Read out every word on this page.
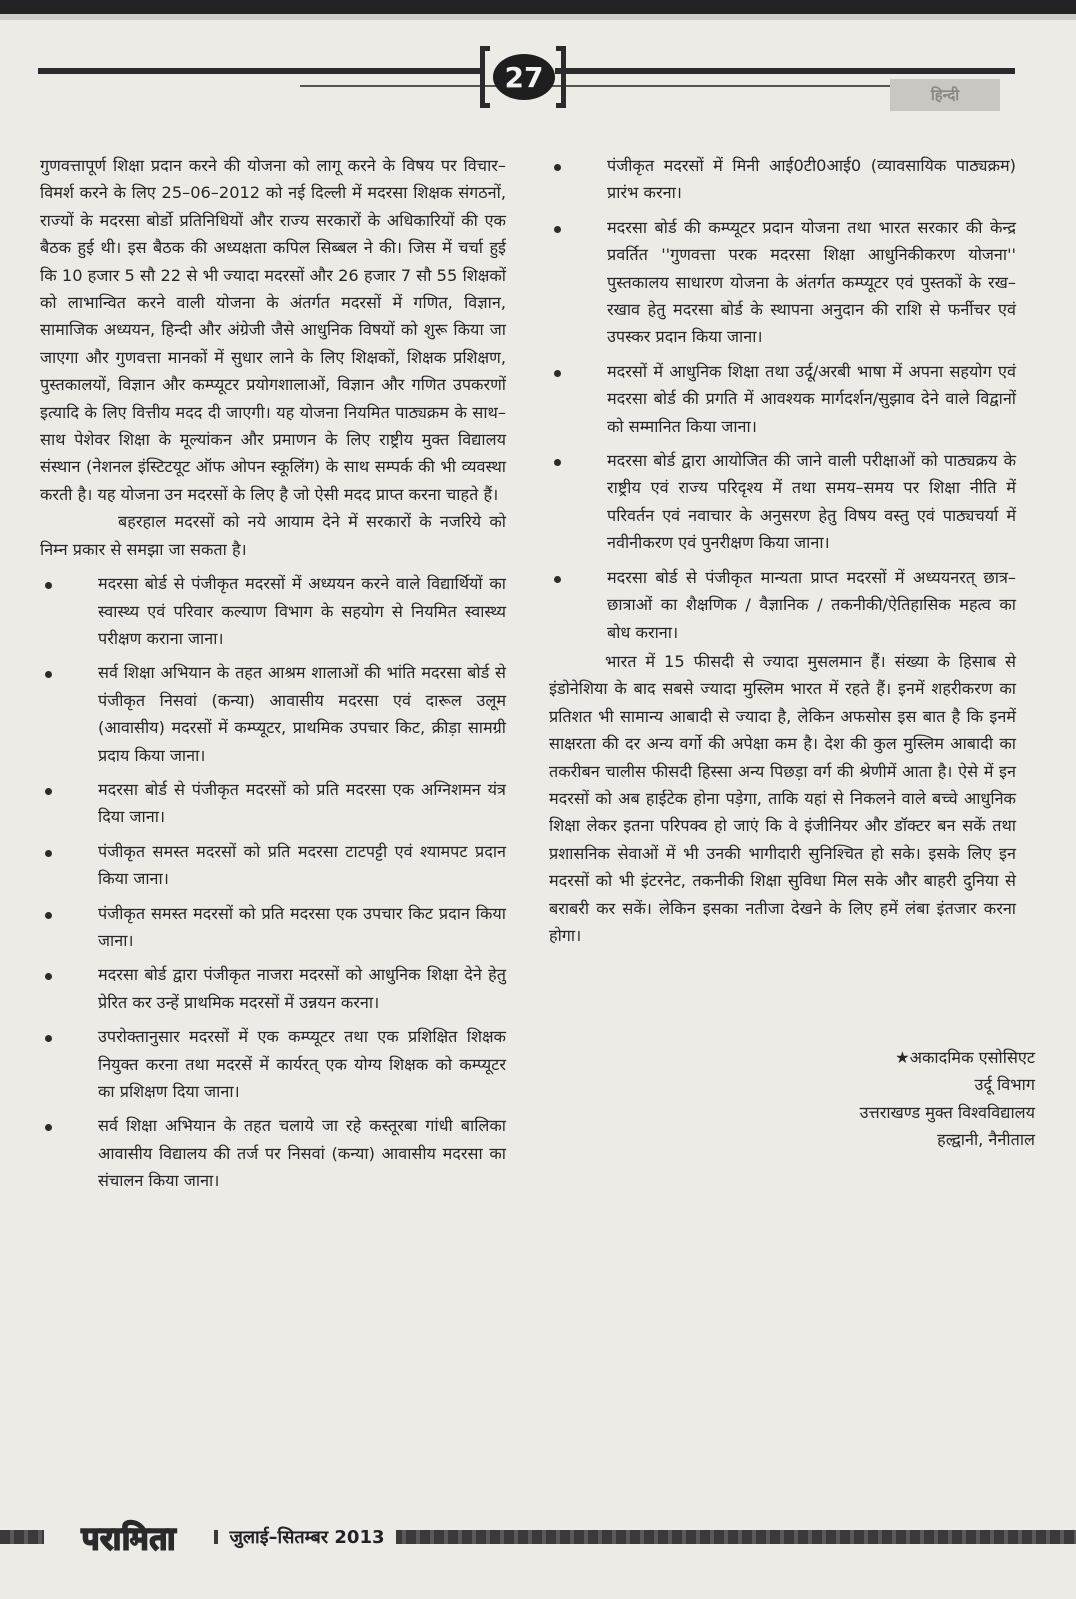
27
हिन्दी

गुणवत्तापूर्ण शिक्षा प्रदान करने की योजना को लागू करने के विषय पर विचार–विमर्श करने के लिए 25–06–2012 को नई दिल्ली में मदरसा शिक्षक संगठनों, राज्यों के मदरसा बोर्डो प्रतिनिधियों और राज्य सरकारों के अधिकारियों की एक बैठक हुई थी। इस बैठक की अध्यक्षता कपिल सिब्बल ने की। जिस में चर्चा हुई कि 10 हजार 5 सौ 22 से भी ज्यादा मदरसों और 26 हजार 7 सौ 55 शिक्षकों को लाभान्वित करने वाली योजना के अंतर्गत मदरसों में गणित, विज्ञान, सामाजिक अध्ययन, हिन्दी और अंग्रेजी जैसे आधुनिक विषयों को शुरू किया जा जाएगा और गुणवत्ता मानकों में सुधार लाने के लिए शिक्षकों, शिक्षक प्रशिक्षण, पुस्तकालयों, विज्ञान और कम्प्यूटर प्रयोगशालाओं, विज्ञान और गणित उपकरणों इत्यादि के लिए वित्तीय मदद दी जाएगी। यह योजना नियमित पाठ्यक्रम के साथ–साथ पेशेवर शिक्षा के मूल्यांकन और प्रमाणन के लिए राष्ट्रीय मुक्त विद्यालय संस्थान (नेशनल इंस्टिटयूट ऑफ ओपन स्कूलिंग) के साथ सम्पर्क की भी व्यवस्था करती है। यह योजना उन मदरसों के लिए है जो ऐसी मदद प्राप्त करना चाहते हैं।

बहरहाल मदरसों को नये आयाम देने में सरकारों के नजरिये को निम्न प्रकार से समझा जा सकता है।

मदरसा बोर्ड से पंजीकृत मदरसों में अध्ययन करने वाले विद्यार्थियों का स्वास्थ्य एवं परिवार कल्याण विभाग के सहयोग से नियमित स्वास्थ्य परीक्षण कराना जाना।
सर्व शिक्षा अभियान के तहत आश्रम शालाओं की भांति मदरसा बोर्ड से पंजीकृत निसवां (कन्या) आवासीय मदरसा एवं दारूल उलूम (आवासीय) मदरसों में कम्प्यूटर, प्राथमिक उपचार किट, क्रीड़ा सामग्री प्रदाय किया जाना।
मदरसा बोर्ड से पंजीकृत मदरसों को प्रति मदरसा एक अग्निशमन यंत्र दिया जाना।
पंजीकृत समस्त मदरसों को प्रति मदरसा टाटपट्टी एवं श्यामपट प्रदान किया जाना।
पंजीकृत समस्त मदरसों को प्रति मदरसा एक उपचार किट प्रदान किया जाना।
मदरसा बोर्ड द्वारा पंजीकृत नाजरा मदरसों को आधुनिक शिक्षा देने हेतु प्रेरित कर उन्हें प्राथमिक मदरसों में उन्नयन करना।
उपरोक्तानुसार मदरसों में एक कम्प्यूटर तथा एक प्रशिक्षित शिक्षक नियुक्त करना तथा मदरसें में कार्यरत् एक योग्य शिक्षक को कम्प्यूटर का प्रशिक्षण दिया जाना।
सर्व शिक्षा अभियान के तहत चलाये जा रहे कस्तूरबा गांधी बालिका आवासीय विद्यालय की तर्ज पर निसवां (कन्या) आवासीय मदरसा का संचालन किया जाना।
पंजीकृत मदरसों में मिनी आई0टी0आई0 (व्यावसायिक पाठ्यक्रम) प्रारंभ करना।
मदरसा बोर्ड की कम्प्यूटर प्रदान योजना तथा भारत सरकार की केन्द्र प्रवर्तित ''गुणवत्ता परक मदरसा शिक्षा आधुनिकीकरण योजना'' पुस्तकालय साधारण योजना के अंतर्गत कम्प्यूटर एवं पुस्तकों के रख–रखाव हेतु मदरसा बोर्ड के स्थापना अनुदान की राशि से फर्नीचर एवं उपस्कर प्रदान किया जाना।
मदरसों में आधुनिक शिक्षा तथा उर्दू/अरबी भाषा में अपना सहयोग एवं मदरसा बोर्ड की प्रगति में आवश्यक मार्गदर्शन/सुझाव देने वाले विद्वानों को सम्मानित किया जाना।
मदरसा बोर्ड द्वारा आयोजित की जाने वाली परीक्षाओं को पाठ्यक्रय के राष्ट्रीय एवं राज्य परिदृश्य में तथा समय–समय पर शिक्षा नीति में परिवर्तन एवं नवाचार के अनुसरण हेतु विषय वस्तु एवं पाठ्यचर्या में नवीनीकरण एवं पुनरीक्षण किया जाना।
मदरसा बोर्ड से पंजीकृत मान्यता प्राप्त मदरसों में अध्ययनरत् छात्र–छात्राओं का शैक्षणिक / वैज्ञानिक / तकनीकी/ऐतिहासिक महत्व का बोध कराना।

भारत में 15 फीसदी से ज्यादा मुसलमान हैं। संख्या के हिसाब से इंडोनेशिया के बाद सबसे ज्यादा मुस्लिम भारत में रहते हैं। इनमें शहरीकरण का प्रतिशत भी सामान्य आबादी से ज्यादा है, लेकिन अफसोस इस बात है कि इनमें साक्षरता की दर अन्य वर्गो की अपेक्षा कम है। देश की कुल मुस्लिम आबादी का तकरीबन चालीस फीसदी हिस्सा अन्य पिछड़ा वर्ग की श्रेणीमें आता है। ऐसे में इन मदरसों को अब हाईटेक होना पड़ेगा, ताकि यहां से निकलने वाले बच्चे आधुनिक शिक्षा लेकर इतना परिपक्व हो जाएं कि वे इंजीनियर और डॉक्टर बन सकें तथा प्रशासनिक सेवाओं में भी उनकी भागीदारी सुनिश्चित हो सके। इसके लिए इन मदरसों को भी इंटरनेट, तकनीकी शिक्षा सुविधा मिल सके और बाहरी दुनिया से बराबरी कर सकें। लेकिन इसका नतीजा देखने के लिए हमें लंबा इंतजार करना होगा।

★अकादमिक एसोसिएट
उर्दू विभाग
उत्तराखण्ड मुक्त विश्वविद्यालय
हल्द्वानी, नैनीताल
परामिता	जुलाई–सितम्बर 2013
